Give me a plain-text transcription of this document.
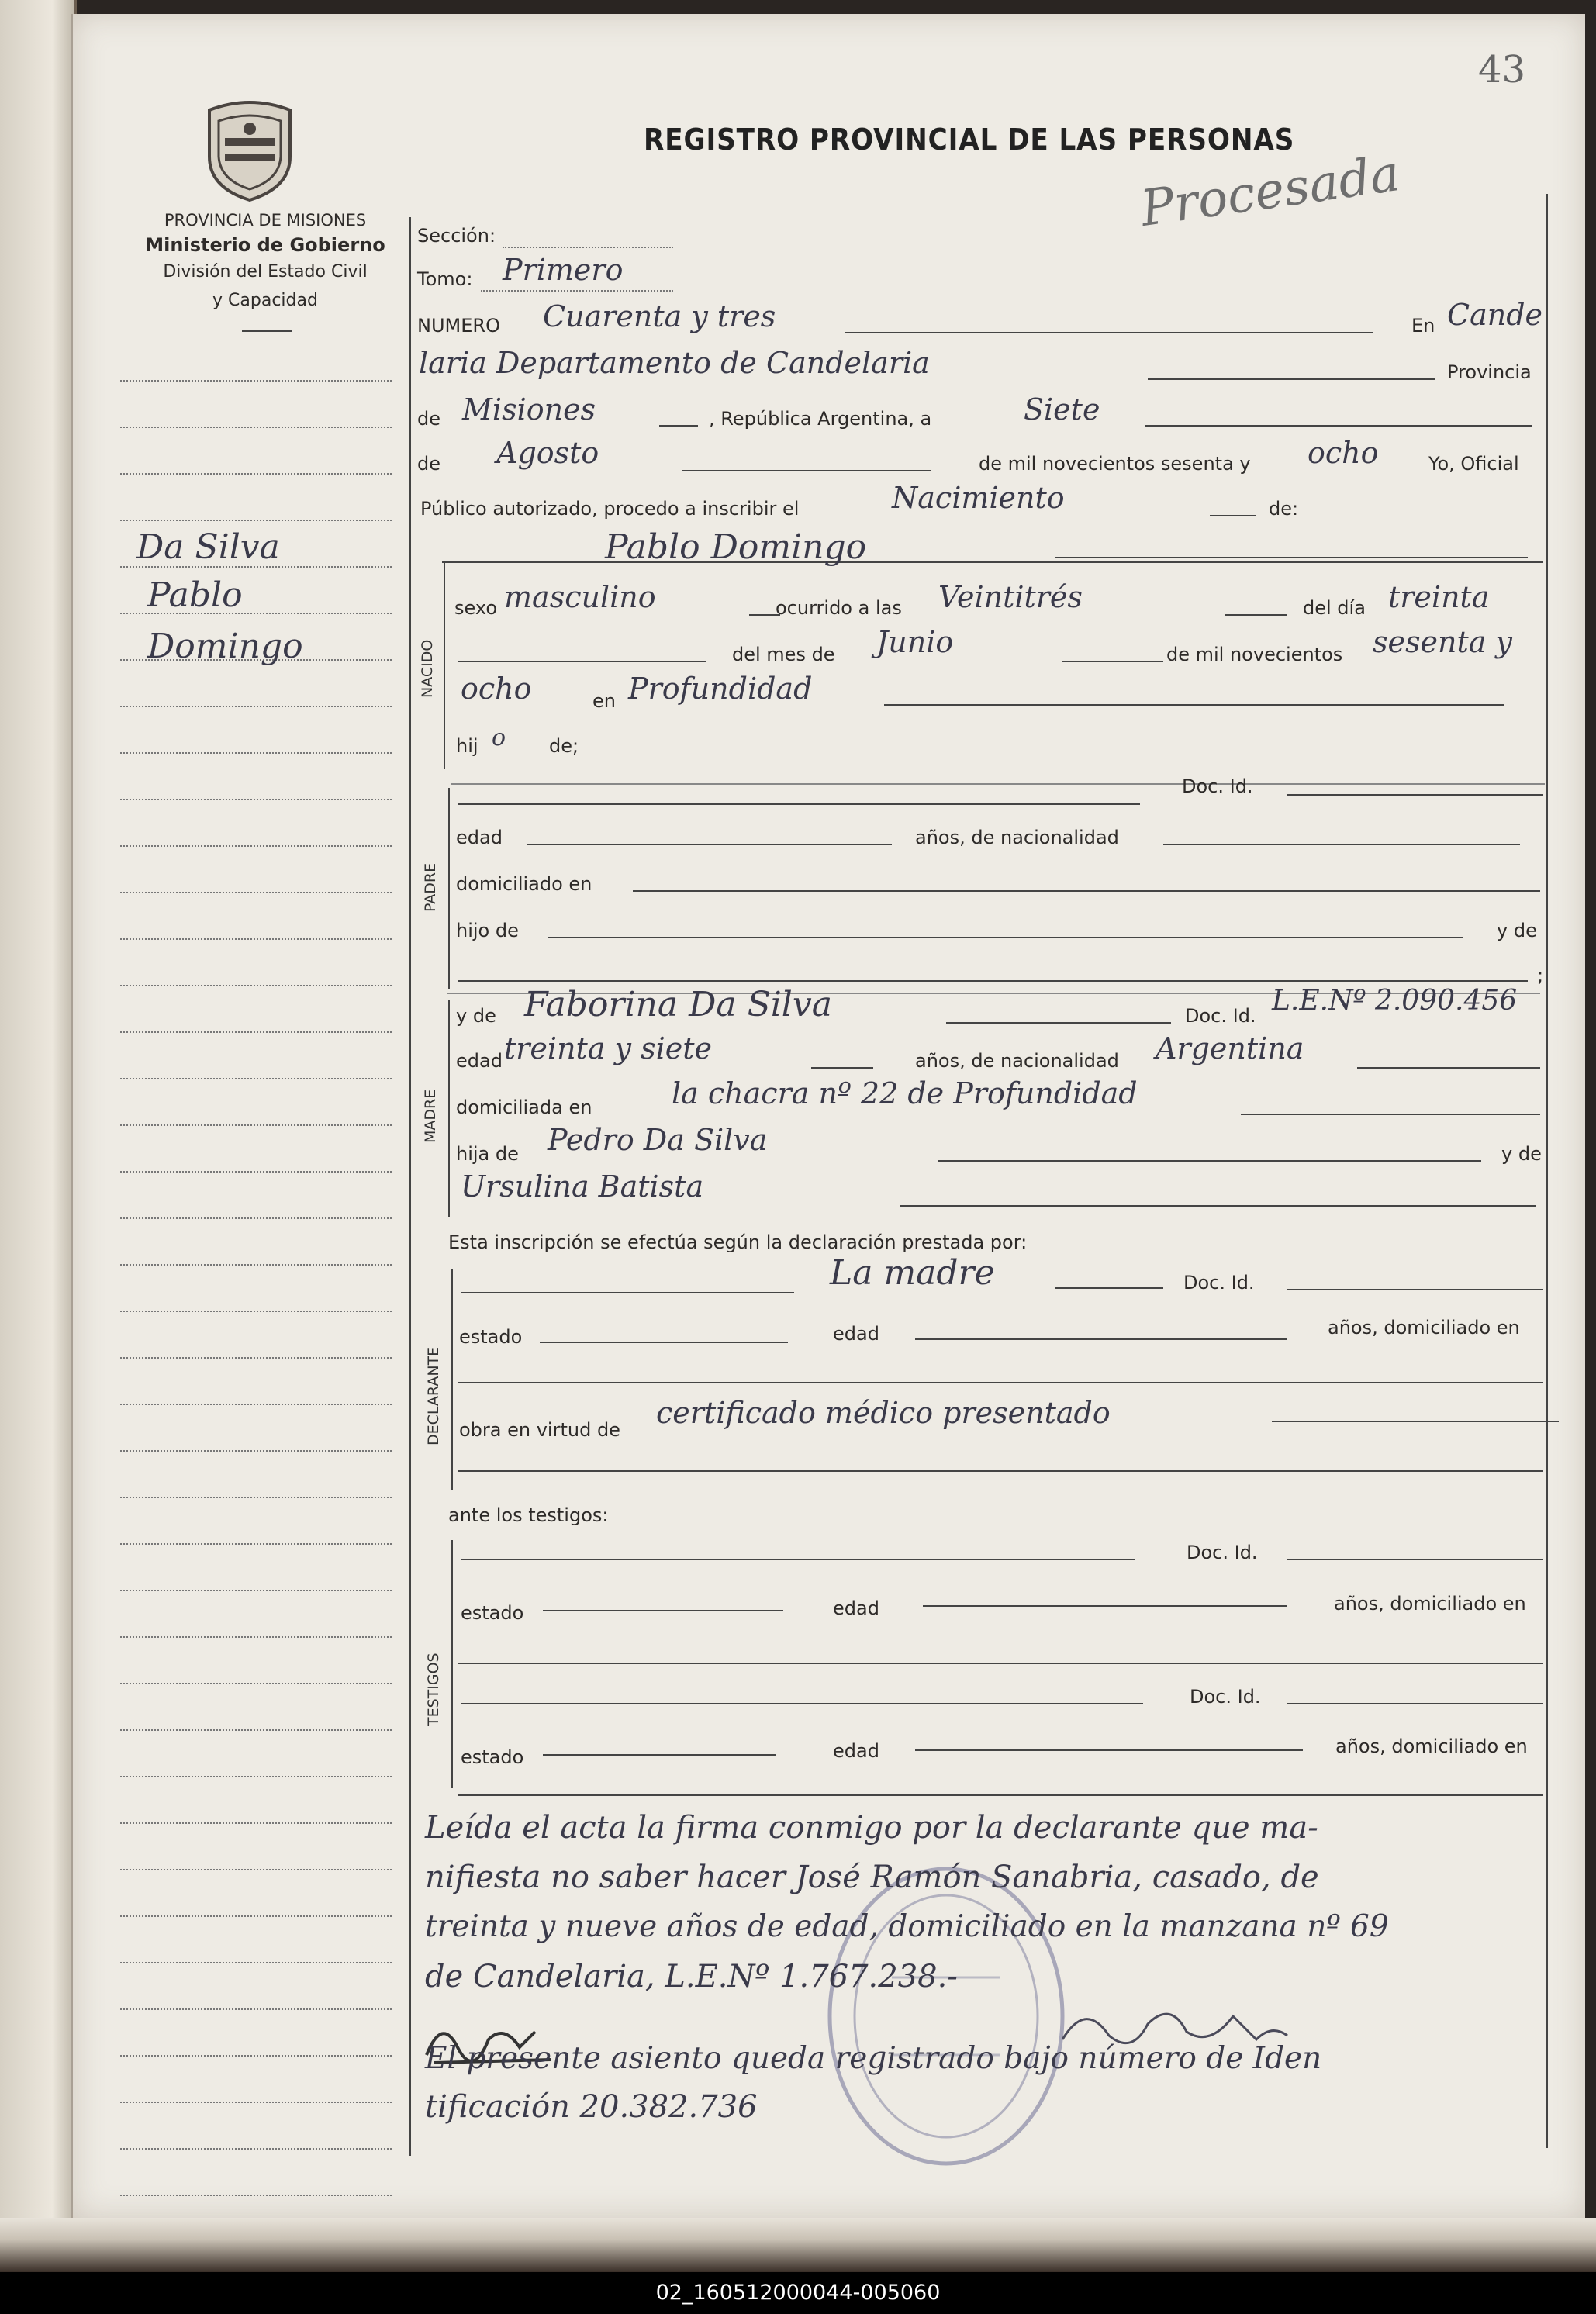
43
REGISTRO PROVINCIAL DE LAS PERSONAS
Procesada
PROVINCIA DE MISIONES
Ministerio de Gobierno
División del Estado Civil
y Capacidad
Da Silva
Pablo
Domingo
Sección:
Tomo: Primero
NUMERO Cuarenta y tres	En Cande
laria Departamento de Candelaria	Provincia
de Misiones	, República Argentina, a	Siete
de Agosto	de mil novecientos sesenta y ocho	Yo, Oficial
Público autorizado, procedo a inscribir el	Nacimiento	de:
NACIDO
Pablo Domingo
sexo masculino	ocurrido a las Veintitrés	del día treinta
del mes de Junio	de mil novecientos sesenta y
ocho	en Profundidad
hij o de;
PADRE
Doc. Id.
edad	años, de nacionalidad
domiciliado en
hijo de	y de
;
MADRE
y de Faborina Da Silva	Doc. Id. L.E.Nº 2.090.456
edad treinta y siete	años, de nacionalidad Argentina
domiciliada en	la chacra nº 22 de Profundidad
hija de Pedro Da Silva	y de
Ursulina Batista
Esta inscripción se efectúa según la declaración prestada por:
DECLARANTE
La madre	Doc. Id.
estado	edad	años, domiciliado en
obra en virtud de certificado médico presentado
ante los testigos:
TESTIGOS
Doc. Id.
estado	edad	años, domiciliado en
Doc. Id.
estado	edad	años, domiciliado en
Leída el acta la firma conmigo por la declarante que ma-
nifiesta no saber hacer José Ramón Sanabria, casado, de
treinta y nueve años de edad, domiciliado en la manzana nº 69
de Candelaria, L.E.Nº 1.767.238.-
El presente asiento queda registrado bajo número de Iden
tificación 20.382.736
02_160512000044-005060
